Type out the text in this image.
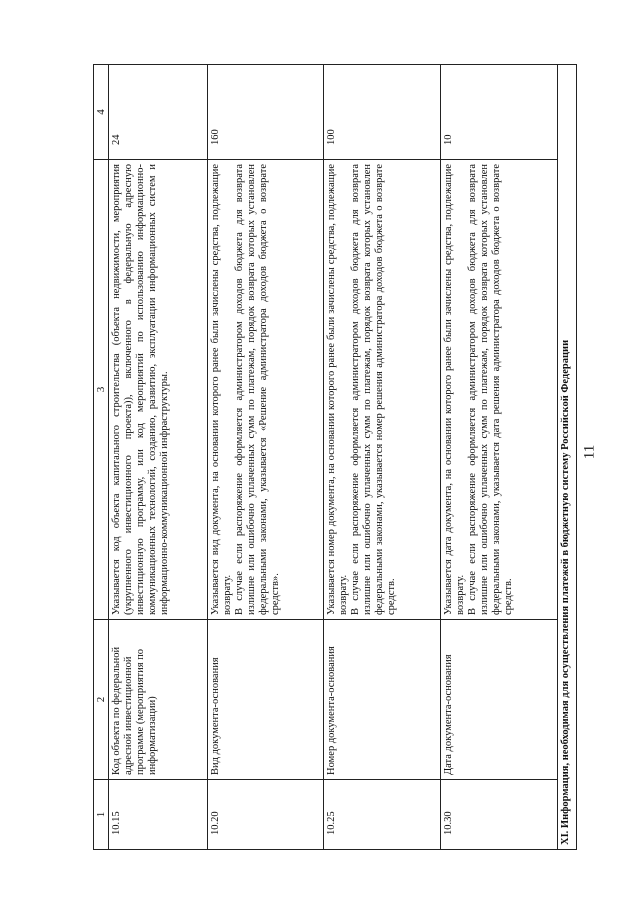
11
1	2	3	4
10.15	Код объекта по федеральной адресной инвестиционной программе (мероприятия по информатизации)	Указывается код объекта капитального строительства (объекта недвижимости, мероприятия (укрупненного инвестиционного проекта)), включенного в федеральную адресную инвестиционную программу, или код мероприятий по использованию информационно-коммуникационных технологий, созданию, развитию, эксплуатации информационных систем и информационно-коммуникационной инфраструктуры.	24
10.20	Вид документа-основания	Указывается вид документа, на основании которого ранее были зачислены средства, подлежащие возврату. В случае если распоряжение оформляется администратором доходов бюджета для возврата излишне или ошибочно уплаченных сумм по платежам, порядок возврата которых установлен федеральными законами, указывается «Решение администратора доходов бюджета о возврате средств».	160
10.25	Номер документа-основания	Указывается номер документа, на основании которого ранее были зачислены средства, подлежащие возврату. В случае если распоряжение оформляется администратором доходов бюджета для возврата излишне или ошибочно уплаченных сумм по платежам, порядок возврата которых установлен федеральными законами, указывается номер решения администратора доходов бюджета о возврате средств.	100
10.30	Дата документа-основания	Указывается дата документа, на основании которого ранее были зачислены средства, подлежащие возврату. В случае если распоряжение оформляется администратором доходов бюджета для возврата излишне или ошибочно уплаченных сумм по платежам, порядок возврата которых установлен федеральными законами, указывается дата решения администратора доходов бюджета о возврате средств.	10
XI. Информация, необходимая для осуществления платежей в бюджетную систему Российской Федерации			
